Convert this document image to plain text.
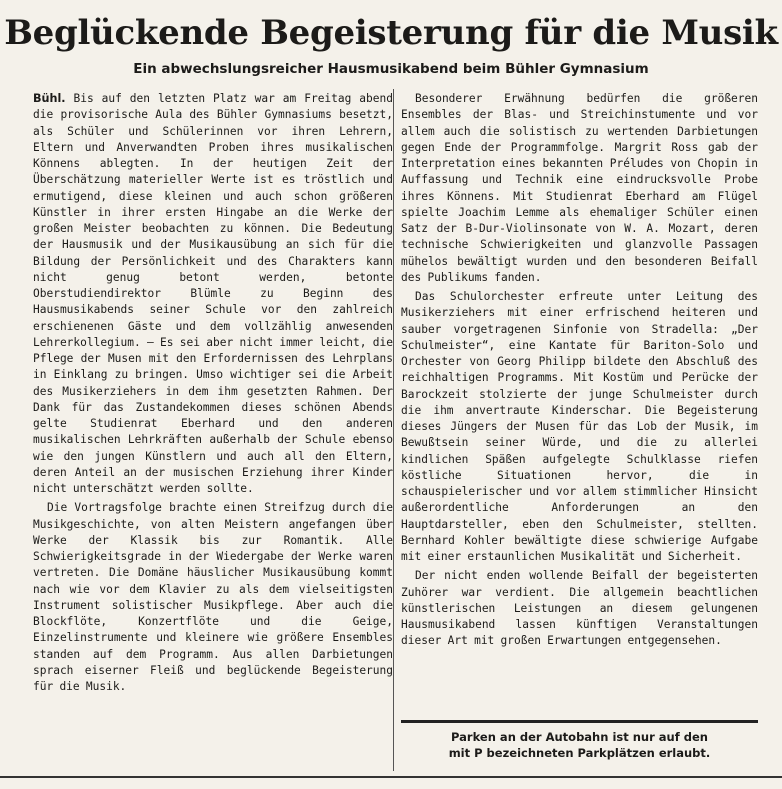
Beglückende Begeisterung für die Musik
Ein abwechslungsreicher Hausmusikabend beim Bühler Gymnasium

Bühl. Bis auf den letzten Platz war am Freitag abend die provisorische Aula des Bühler Gymnasiums besetzt, als Schüler und Schülerinnen vor ihren Lehrern, Eltern und Anverwandten Proben ihres musikalischen Könnens ablegten. In der heutigen Zeit der Überschätzung materieller Werte ist es tröstlich und ermutigend, diese kleinen und auch schon größeren Künstler in ihrer ersten Hingabe an die Werke der großen Meister beobachten zu können. Die Bedeutung der Hausmusik und der Musikausübung an sich für die Bildung der Persönlichkeit und des Charakters kann nicht genug betont werden, betonte Oberstudiendirektor Blümle zu Beginn des Hausmusikabends seiner Schule vor den zahlreich erschienenen Gäste und dem vollzählig anwesenden Lehrerkollegium. — Es sei aber nicht immer leicht, die Pflege der Musen mit den Erfordernissen des Lehrplans in Einklang zu bringen. Umso wichtiger sei die Arbeit des Musikerziehers in dem ihm gesetzten Rahmen. Der Dank für das Zustandekommen dieses schönen Abends gelte Studienrat Eberhard und den anderen musikalischen Lehrkräften außerhalb der Schule ebenso wie den jungen Künstlern und auch all den Eltern, deren Anteil an der musischen Erziehung ihrer Kinder nicht unterschätzt werden sollte.

Die Vortragsfolge brachte einen Streifzug durch die Musikgeschichte, von alten Meistern angefangen über Werke der Klassik bis zur Romantik. Alle Schwierigkeitsgrade in der Wiedergabe der Werke waren vertreten. Die Domäne häuslicher Musikausübung kommt nach wie vor dem Klavier zu als dem vielseitigsten Instrument solistischer Musikpflege. Aber auch die Blockflöte, Konzertflöte und die Geige, Einzelinstrumente und kleinere wie größere Ensembles standen auf dem Programm. Aus allen Darbietungen sprach eiserner Fleiß und beglückende Begeisterung für die Musik.

Besonderer Erwähnung bedürfen die größeren Ensembles der Blas- und Streichinstumente und vor allem auch die solistisch zu wertenden Darbietungen gegen Ende der Programmfolge. Margrit Ross gab der Interpretation eines bekannten Préludes von Chopin in Auffassung und Technik eine eindrucksvolle Probe ihres Könnens. Mit Studienrat Eberhard am Flügel spielte Joachim Lemme als ehemaliger Schüler einen Satz der B-Dur-Violinsonate von W. A. Mozart, deren technische Schwierigkeiten und glanzvolle Passagen mühelos bewältigt wurden und den besonderen Beifall des Publikums fanden.

Das Schulorchester erfreute unter Leitung des Musikerziehers mit einer erfrischend heiteren und sauber vorgetragenen Sinfonie von Stradella: „Der Schulmeister“, eine Kantate für Bariton-Solo und Orchester von Georg Philipp bildete den Abschluß des reichhaltigen Programms. Mit Kostüm und Perücke der Barockzeit stolzierte der junge Schulmeister durch die ihm anvertraute Kinderschar. Die Begeisterung dieses Jüngers der Musen für das Lob der Musik, im Bewußtsein seiner Würde, und die zu allerlei kindlichen Späßen aufgelegte Schulklasse riefen köstliche Situationen hervor, die in schauspielerischer und vor allem stimmlicher Hinsicht außerordentliche Anforderungen an den Hauptdarsteller, eben den Schulmeister, stellten. Bernhard Kohler bewältigte diese schwierige Aufgabe mit einer erstaunlichen Musikalität und Sicherheit.

Der nicht enden wollende Beifall der begeisterten Zuhörer war verdient. Die allgemein beachtlichen künstlerischen Leistungen an diesem gelungenen Hausmusikabend lassen künftigen Veranstaltungen dieser Art mit großen Erwartungen entgegensehen.

Parken an der Autobahn ist nur auf den
mit P bezeichneten Parkplätzen erlaubt.
